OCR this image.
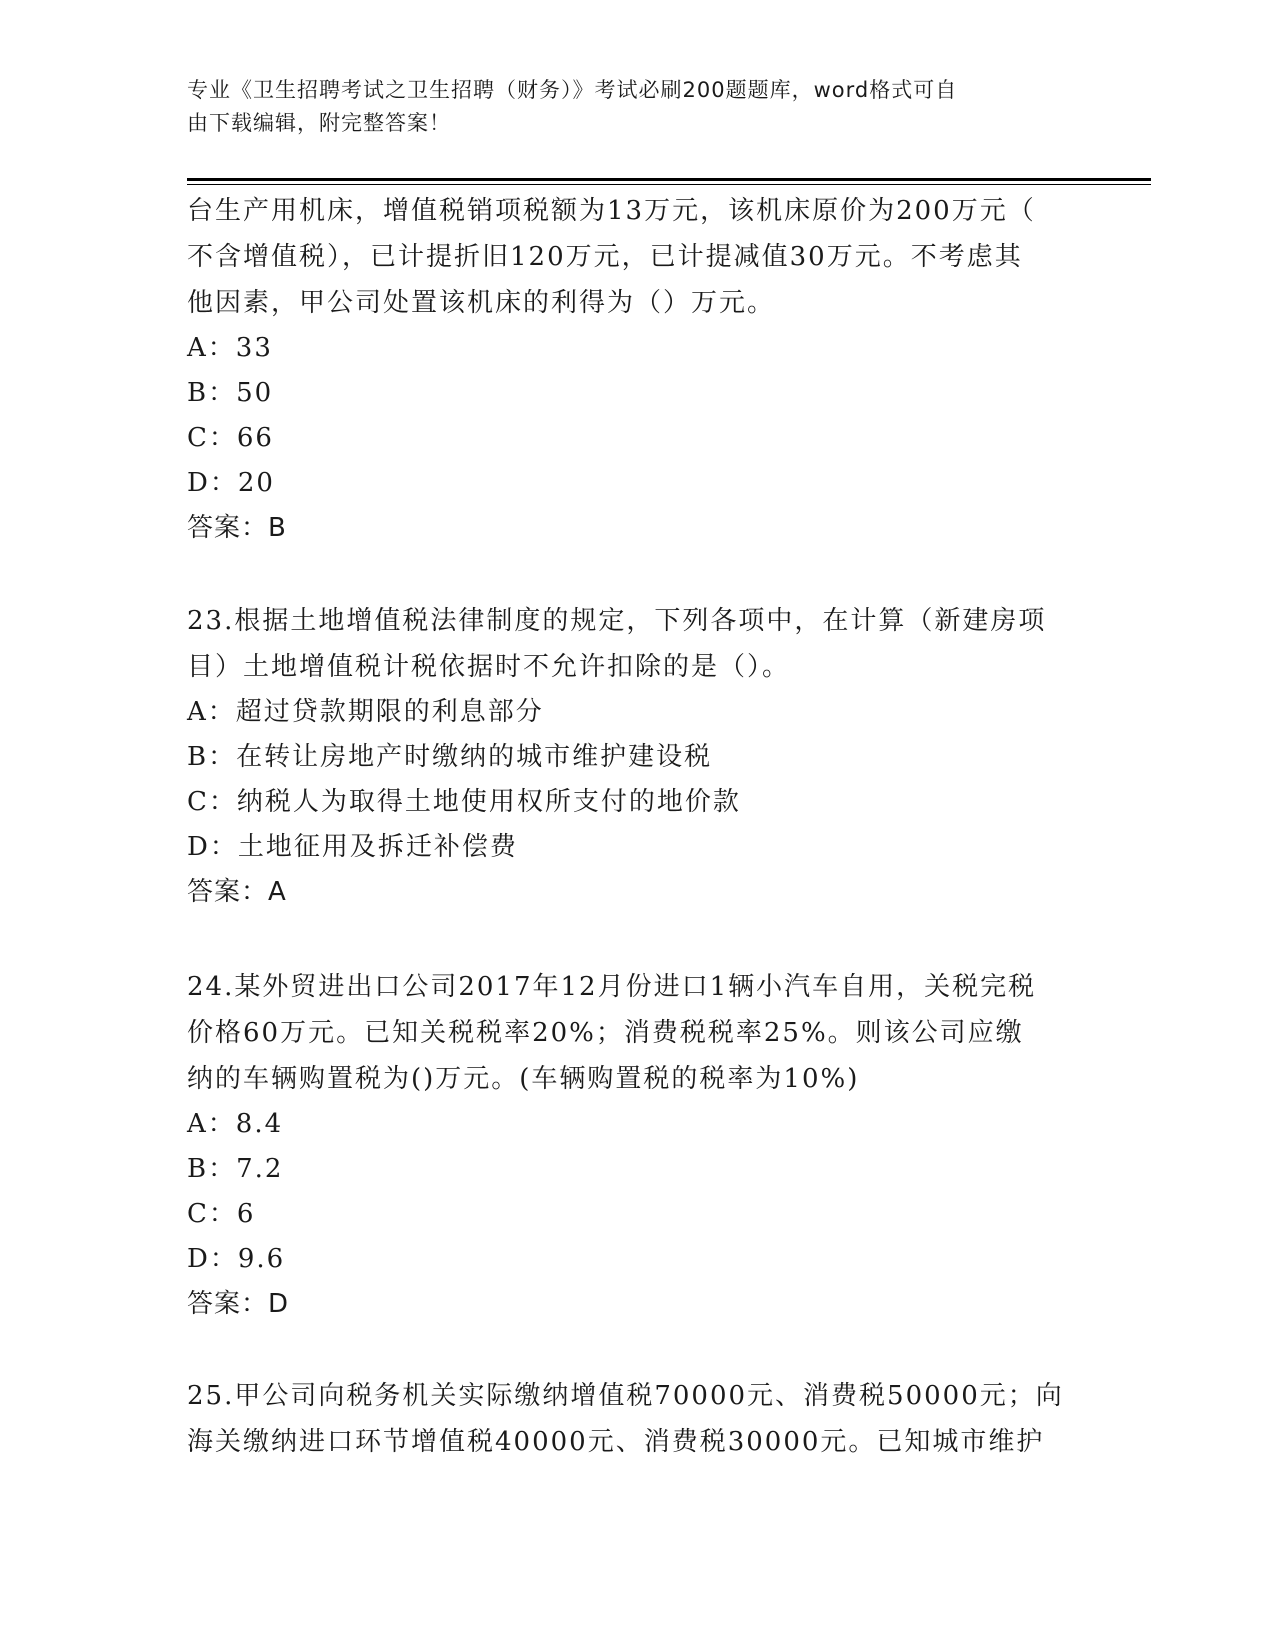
专业《卫生招聘考试之卫生招聘（财务）》考试必刷200题题库，word格式可自
由下载编辑，附完整答案！
台生产用机床，增值税销项税额为13万元，该机床原价为200万元（
不含增值税），已计提折旧120万元，已计提减值30万元。不考虑其
他因素，甲公司处置该机床的利得为（）万元。
A：33
B：50
C：66
D：20
答案：B
23.根据土地增值税法律制度的规定，下列各项中，在计算（新建房项
目）土地增值税计税依据时不允许扣除的是（）。
A：超过贷款期限的利息部分
B：在转让房地产时缴纳的城市维护建设税
C：纳税人为取得土地使用权所支付的地价款
D：土地征用及拆迁补偿费
答案：A
24.某外贸进出口公司2017年12月份进口1辆小汽车自用，关税完税
价格60万元。已知关税税率20%；消费税税率25%。则该公司应缴
纳的车辆购置税为()万元。(车辆购置税的税率为10%)
A：8.4
B：7.2
C：6
D：9.6
答案：D
25.甲公司向税务机关实际缴纳增值税70000元、消费税50000元；向
海关缴纳进口环节增值税40000元、消费税30000元。已知城市维护
